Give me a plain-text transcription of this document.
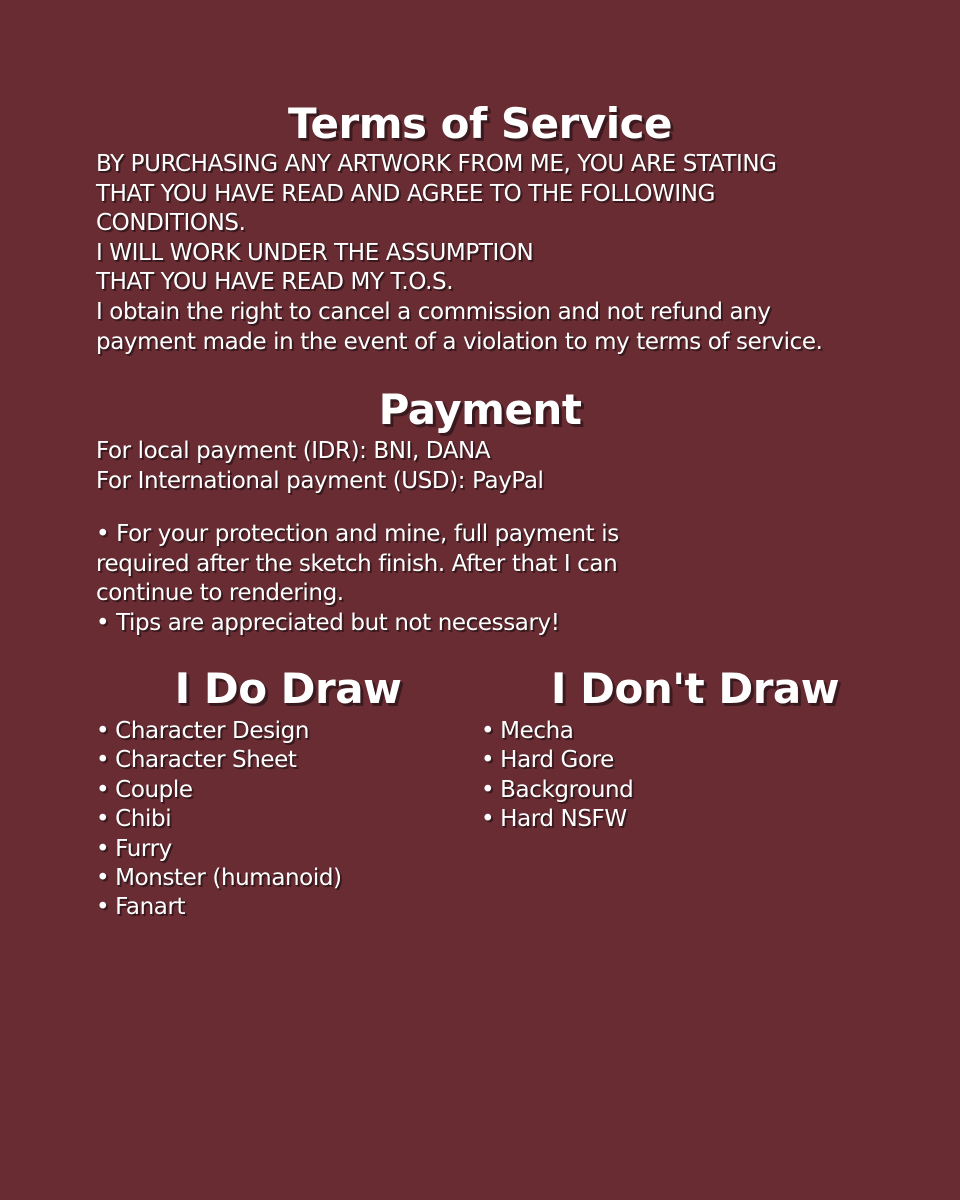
Terms of Service
BY PURCHASING ANY ARTWORK FROM ME, YOU ARE STATING
THAT YOU HAVE READ AND AGREE TO THE FOLLOWING
CONDITIONS.
I WILL WORK UNDER THE ASSUMPTION
THAT YOU HAVE READ MY T.O.S.
I obtain the right to cancel a commission and not refund any
payment made in the event of a violation to my terms of service.
Payment
For local payment (IDR): BNI, DANA
For International payment (USD): PayPal
• For your protection and mine, full payment is
required after the sketch finish. After that I can
continue to rendering.
• Tips are appreciated but not necessary!
I Do Draw	I Don't Draw
• Character Design
• Character Sheet
• Couple
• Chibi
• Furry
• Monster (humanoid)
• Fanart
• Mecha
• Hard Gore
• Background
• Hard NSFW
